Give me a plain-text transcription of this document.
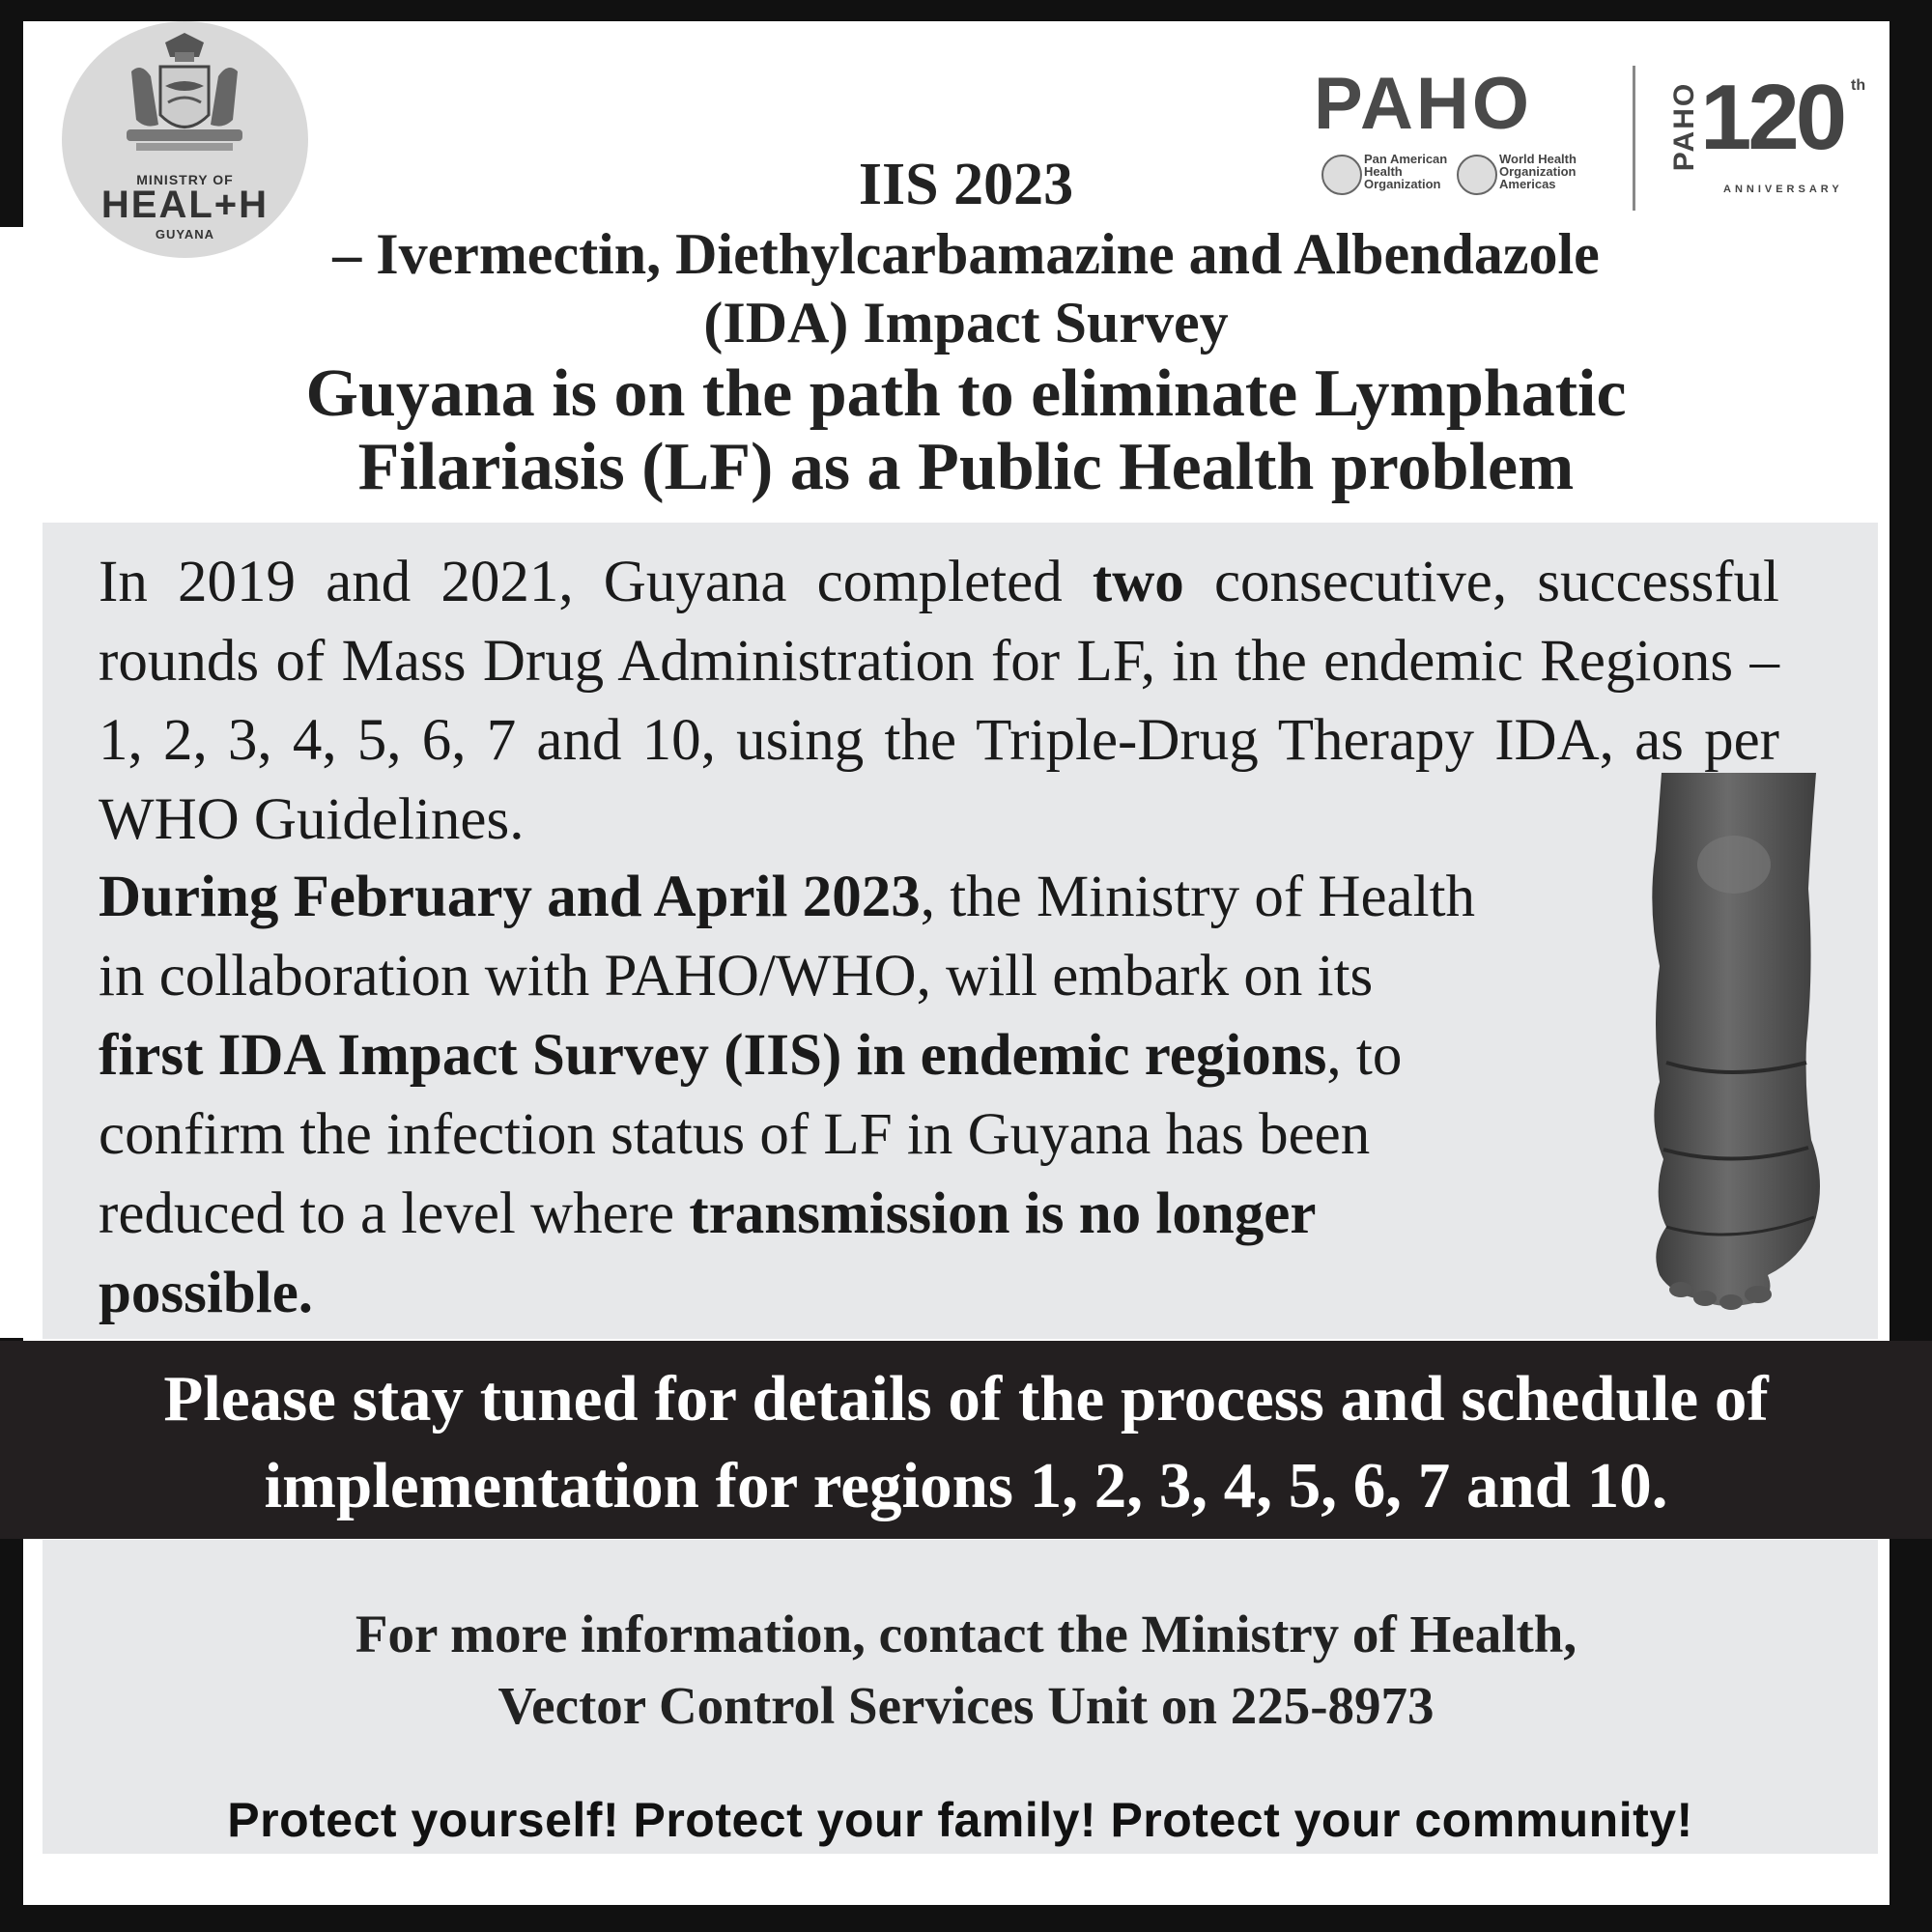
MINISTRY OF
HEAL+H
GUYANA
PAHO
Pan American
Health
Organization
World Health
Organization
Americas
PAHO 120 th
ANNIVERSARY
IIS 2023
– Ivermectin, Diethylcarbamazine and Albendazole
(IDA) Impact Survey
Guyana is on the path to eliminate Lymphatic
Filariasis (LF) as a Public Health problem

In 2019 and 2021, Guyana completed two consecutive, successful rounds of Mass Drug Administration for LF, in the endemic Regions – 1, 2, 3, 4, 5, 6, 7 and 10, using the Triple-Drug Therapy IDA, as per WHO Guidelines.

During February and April 2023, the Ministry of Health
in collaboration with PAHO/WHO, will embark on its
first IDA Impact Survey (IIS) in endemic regions, to
confirm the infection status of LF in Guyana has been
reduced to a level where transmission is no longer
possible.

Please stay tuned for details of the process and schedule of
implementation for regions 1, 2, 3, 4, 5, 6, 7 and 10.

For more information, contact the Ministry of Health,
Vector Control Services Unit on 225-8973

Protect yourself! Protect your family! Protect your community!
